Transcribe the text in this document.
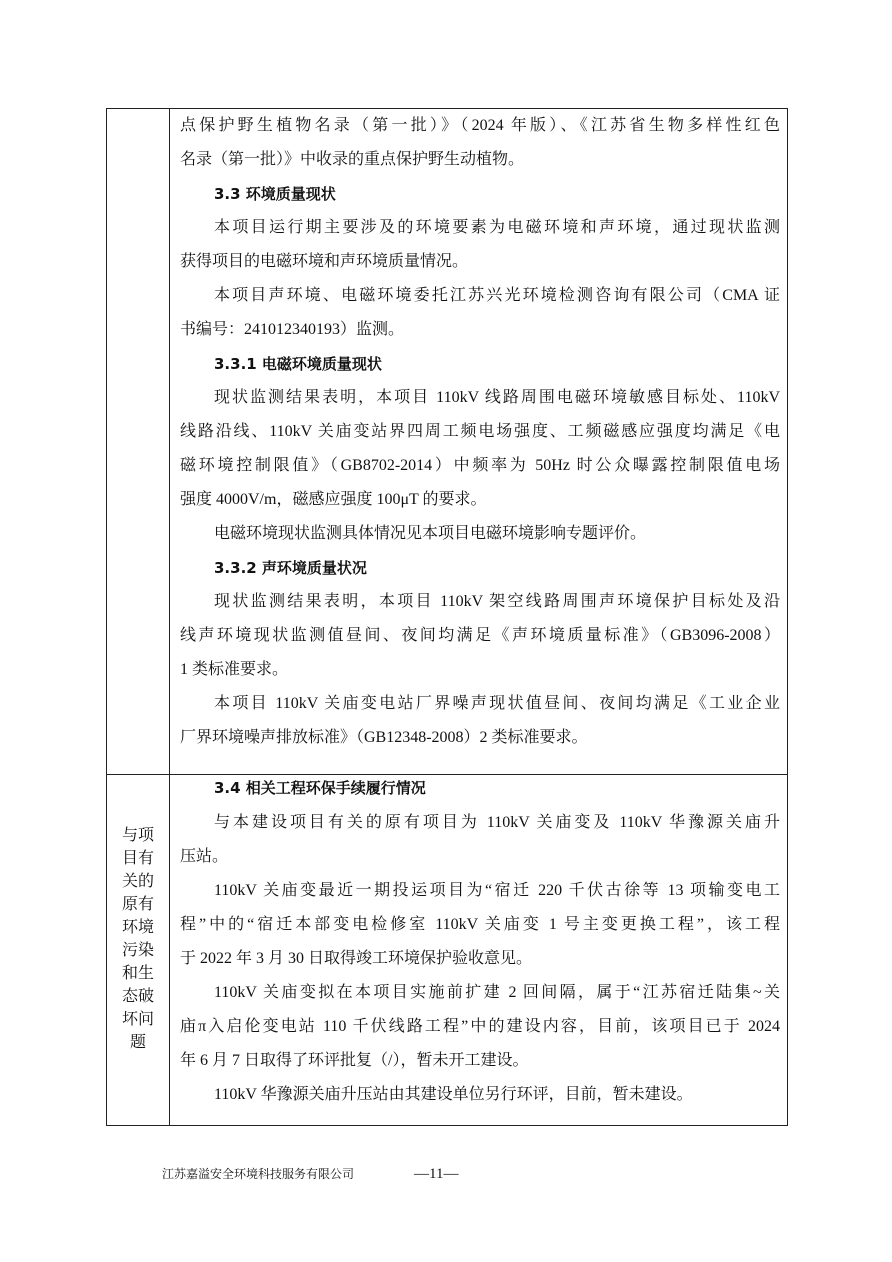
点保护野生植物名录（第一批）》（2024 年版）、《江苏省生物多样性红色
名录（第一批）》中收录的重点保护野生动植物。
3.3 环境质量现状
本项目运行期主要涉及的环境要素为电磁环境和声环境，通过现状监测
获得项目的电磁环境和声环境质量情况。
本项目声环境、电磁环境委托江苏兴光环境检测咨询有限公司（CMA 证
书编号：241012340193）监测。
3.3.1 电磁环境质量现状
现状监测结果表明，本项目 110kV 线路周围电磁环境敏感目标处、110kV
线路沿线、110kV 关庙变站界四周工频电场强度、工频磁感应强度均满足《电
磁环境控制限值》（GB8702-2014）中频率为 50Hz 时公众曝露控制限值电场
强度 4000V/m，磁感应强度 100μT 的要求。
电磁环境现状监测具体情况见本项目电磁环境影响专题评价。
3.3.2 声环境质量状况
现状监测结果表明，本项目 110kV 架空线路周围声环境保护目标处及沿
线声环境现状监测值昼间、夜间均满足《声环境质量标准》（GB3096-2008）
1 类标准要求。
本项目 110kV 关庙变电站厂界噪声现状值昼间、夜间均满足《工业企业
厂界环境噪声排放标准》（GB12348-2008）2 类标准要求。
与项
目有
关的
原有
环境
污染
和生
态破
坏问
题
3.4 相关工程环保手续履行情况
与本建设项目有关的原有项目为 110kV 关庙变及 110kV 华豫源关庙升
压站。
110kV 关庙变最近一期投运项目为“宿迁 220 千伏古徐等 13 项输变电工
程”中的“宿迁本部变电检修室 110kV 关庙变 1 号主变更换工程”，该工程
于 2022 年 3 月 30 日取得竣工环境保护验收意见。
110kV 关庙变拟在本项目实施前扩建 2 回间隔，属于“江苏宿迁陆集~关
庙π入启伦变电站 110 千伏线路工程”中的建设内容，目前，该项目已于 2024
年 6 月 7 日取得了环评批复（/），暂未开工建设。
110kV 华豫源关庙升压站由其建设单位另行环评，目前，暂未建设。
江苏嘉溢安全环境科技服务有限公司	—11—
